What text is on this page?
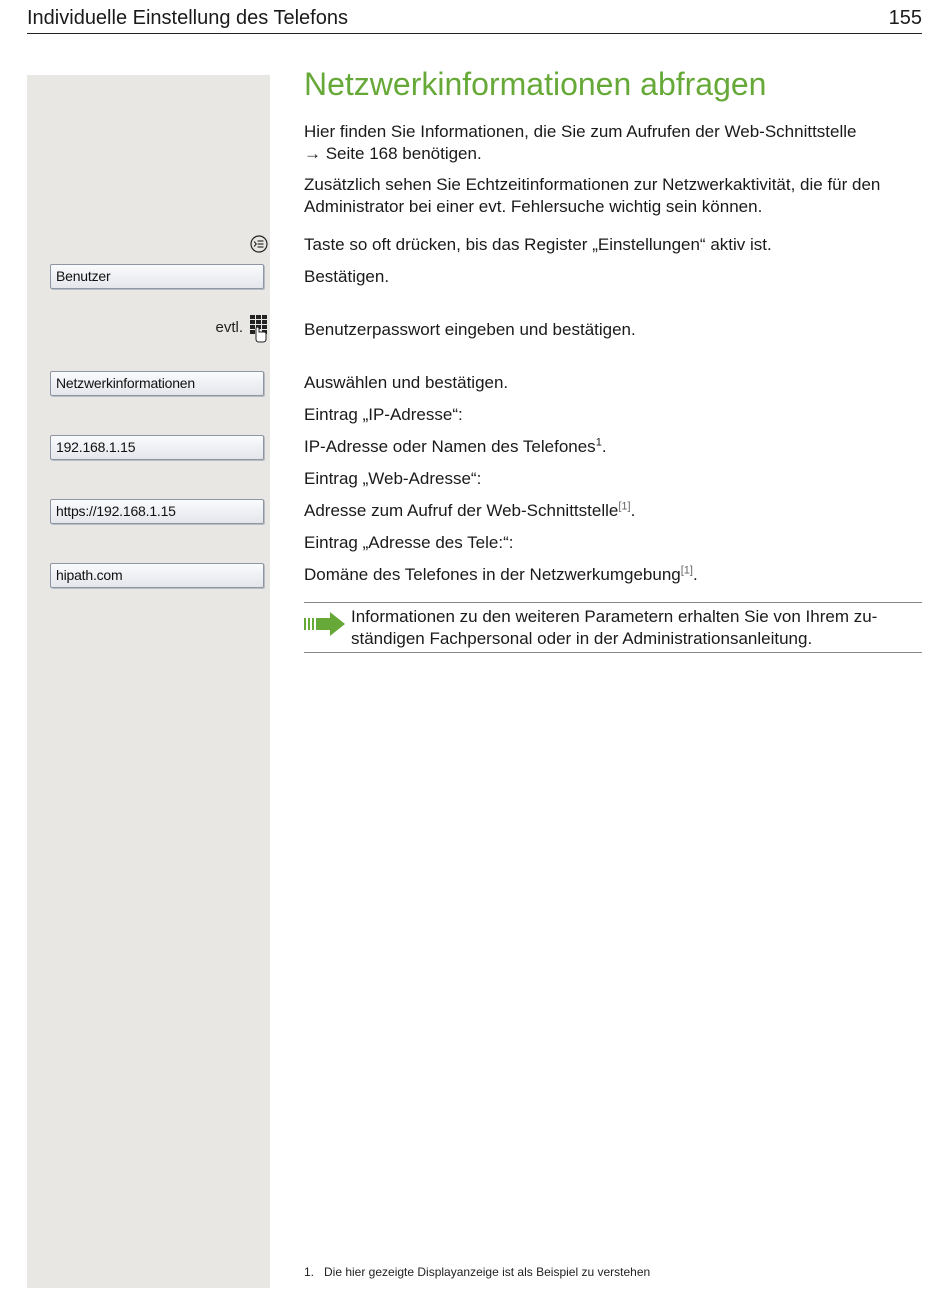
Individuelle Einstellung des Telefons	155
Benutzer
evtl.
Netzwerkinformationen
192.168.1.15
https://192.168.1.15
hipath.com
Netzwerkinformationen abfragen
Hier finden Sie Informationen, die Sie zum Aufrufen der Web-Schnittstelle
→ Seite 168 benötigen.
Zusätzlich sehen Sie Echtzeitinformationen zur Netzwerkaktivität, die für den
Administrator bei einer evt. Fehlersuche wichtig sein können.
Taste so oft drücken, bis das Register „Einstellungen“ aktiv ist.
Bestätigen.
Benutzerpasswort eingeben und bestätigen.
Auswählen und bestätigen.
Eintrag „IP-Adresse“:
IP-Adresse oder Namen des Telefones$^1$.
Eintrag „Web-Adresse“:
Adresse zum Aufruf der Web-Schnittstelle[1].
Eintrag „Adresse des Tele:“:
Domäne des Telefones in der Netzwerkumgebung[1].
Informationen zu den weiteren Parametern erhalten Sie von Ihrem zu-
ständigen Fachpersonal oder in der Administrationsanleitung.
1. Die hier gezeigte Displayanzeige ist als Beispiel zu verstehen
